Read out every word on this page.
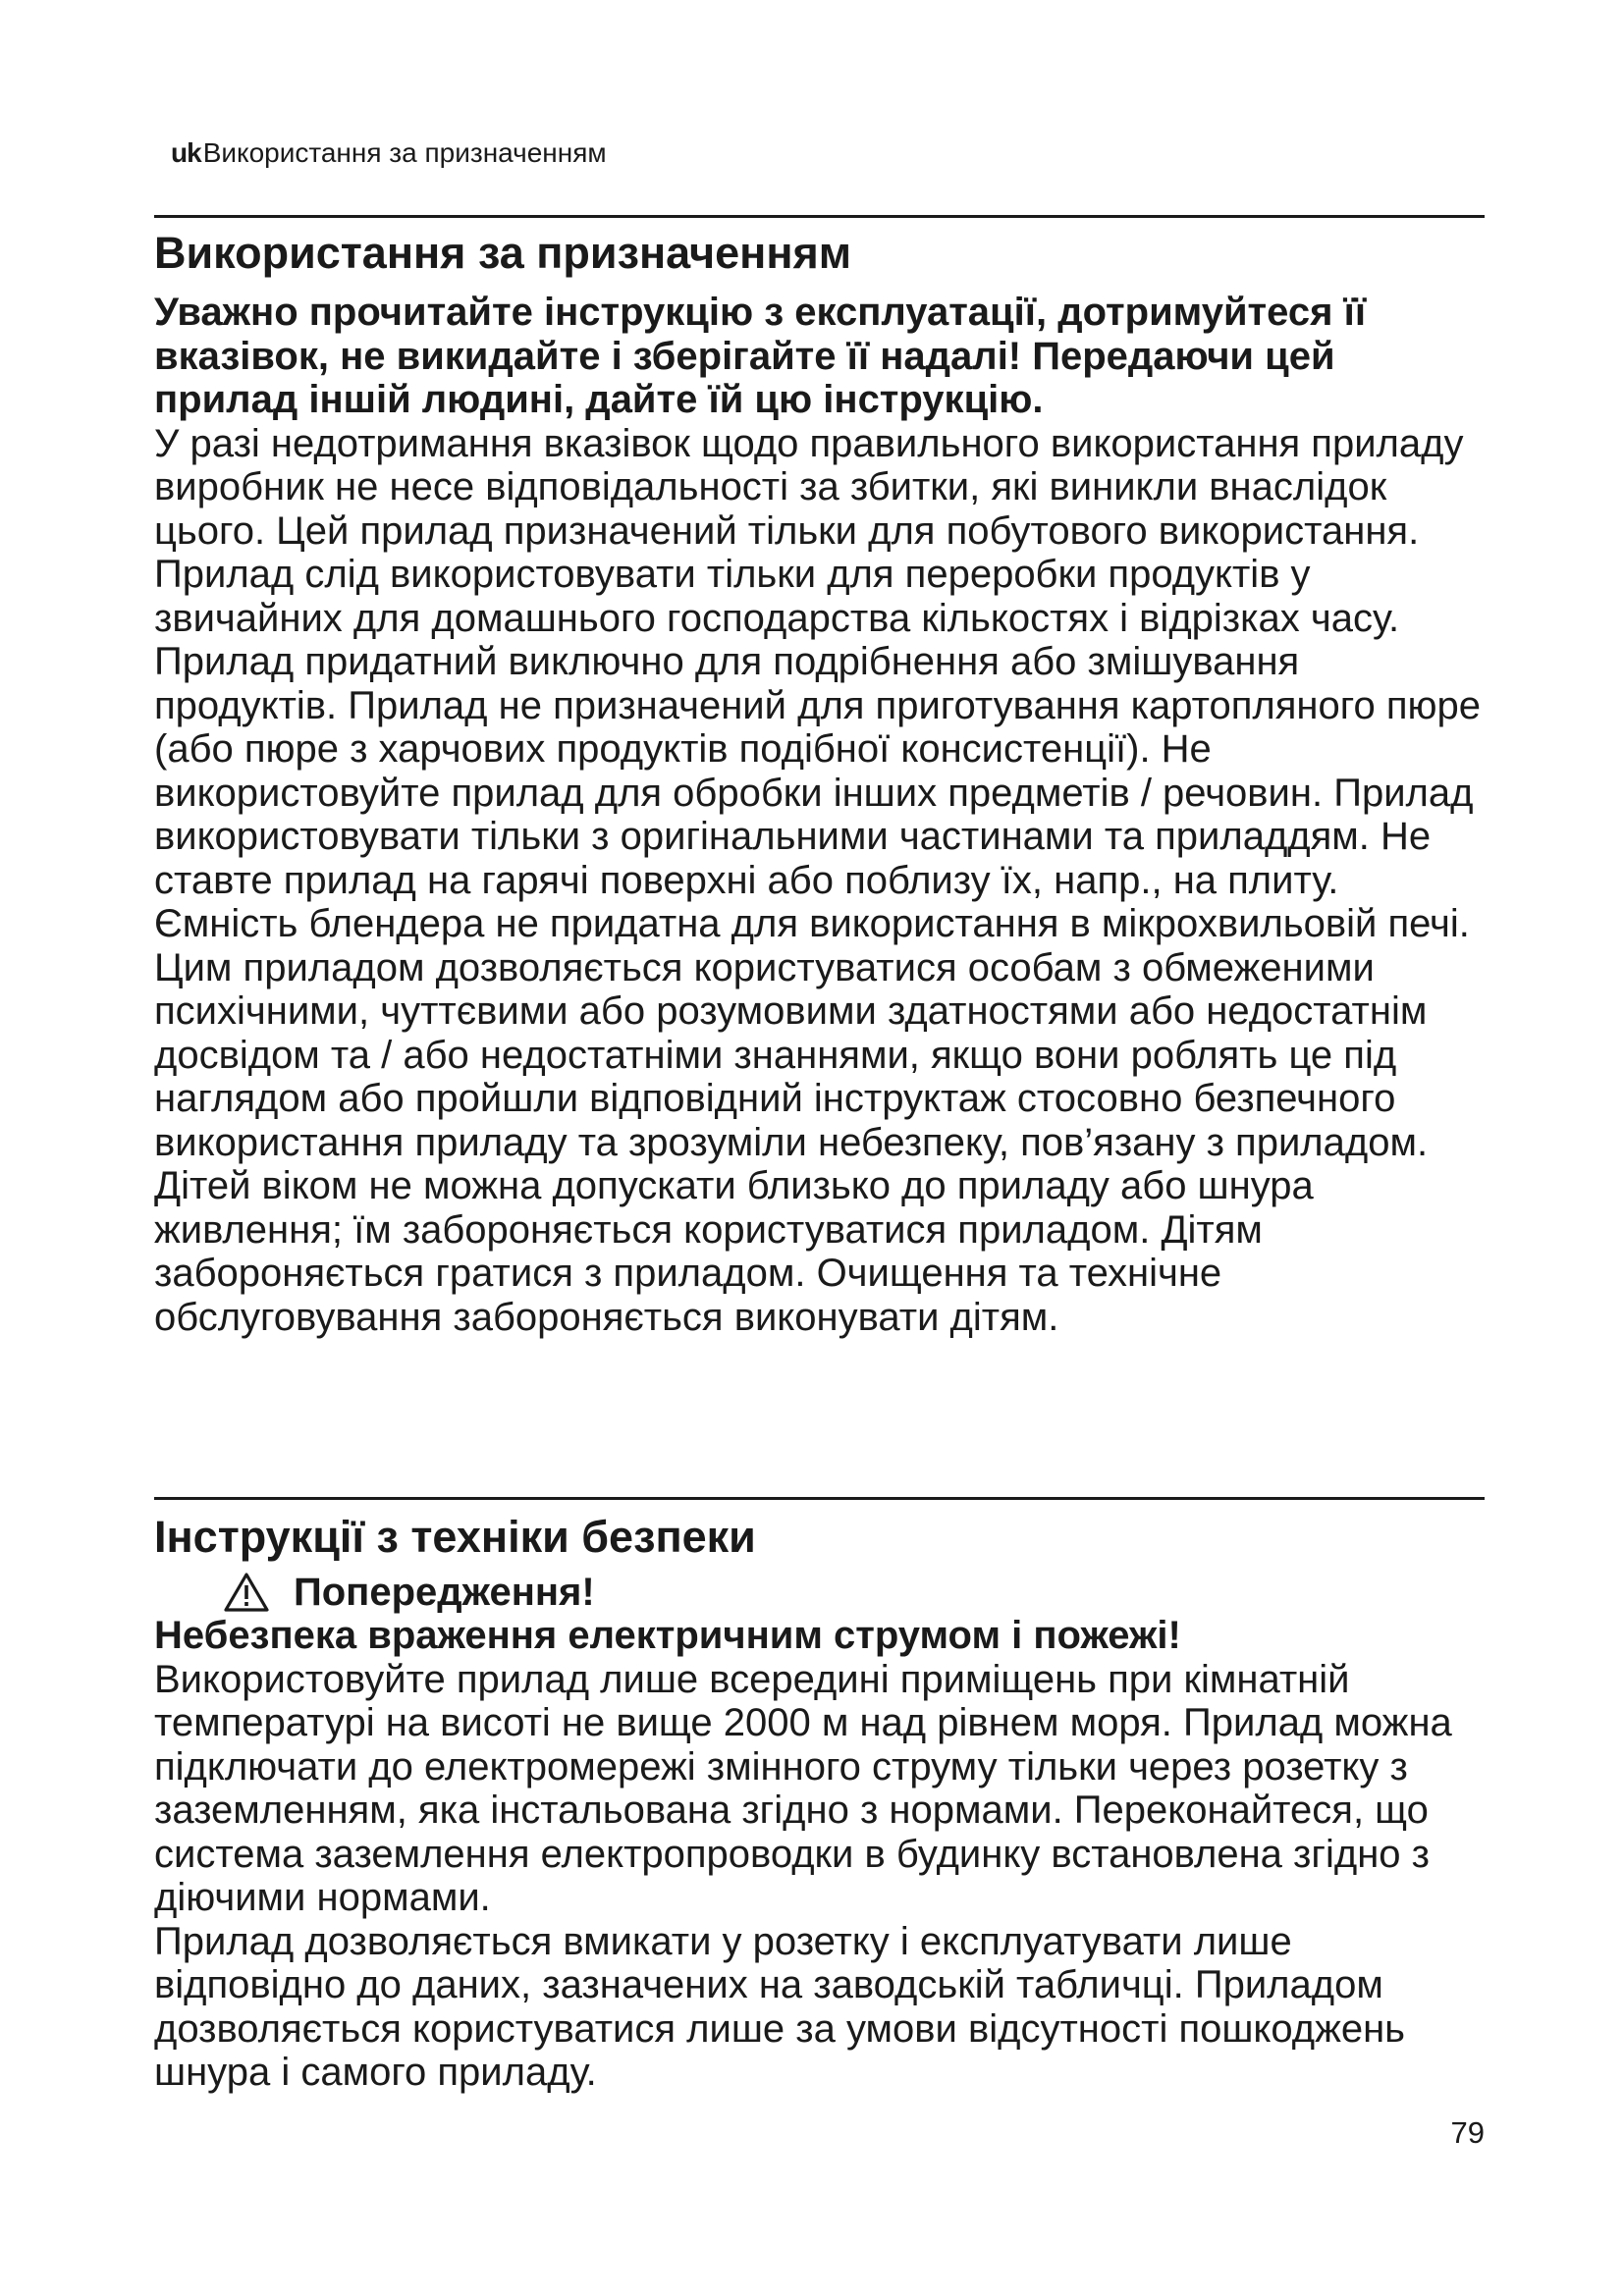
ukВикористання за призначенням
Використання за призначенням

Уважно прочитайте інструкцію з експлуатації, дотримуйтеся її вказівок, не викидайте і зберігайте її надалі! Передаючи цей прилад іншій людині, дайте їй цю інструкцію.

У разі недотримання вказівок щодо правильного використання приладу виробник не несе відповідальності за збитки, які виникли внаслідок цього. Цей прилад призначений тільки для побутового використання. Прилад слід використовувати тільки для переробки продуктів у звичайних для домашнього господарства кількостях і відрізках часу.

Прилад придатний виключно для подрібнення або змішування продуктів. Прилад не призначений для приготування картопляного пюре (або пюре з харчових продуктів подібної консистенції). Не використовуйте прилад для обробки інших предметів / речовин. Прилад використовувати тільки з оригінальними частинами та приладдям. Не ставте прилад на гарячі поверхні або поблизу їх, напр., на плиту. Ємність блендера не придатна для використання в мікрохвильовій печі. Цим приладом дозволяється користуватися особам з обмеженими психічними, чуттєвими або розумовими здатностями або недостатнім досвідом та / або недостатніми знаннями, якщо вони роблять це під наглядом або пройшли відповідний інструктаж стосовно безпечного використання приладу та зрозуміли небезпеку, пов’язану з приладом. Дітей віком не можна допускати близько до приладу або шнура живлення; їм забороняється користуватися приладом. Дітям забороняється гратися з приладом. Очищення та технічне обслуговування забороняється виконувати дітям.

Інструкції з техніки безпеки
Попередження!

Небезпека враження електричним струмом і пожежі!

Використовуйте прилад лише всередині приміщень при кімнатній температурі на висоті не вище 2000 м над рівнем моря. Прилад можна підключати до електромережі змінного струму тільки через розетку з заземленням, яка інстальована згідно з нормами. Переконайтеся, що система заземлення електропроводки в будинку встановлена згідно з діючими нормами.

Прилад дозволяється вмикати у розетку і експлуатувати лише відповідно до даних, зазначених на заводській табличці. Приладом дозволяється користуватися лише за умови відсутності пошкоджень шнура і самого приладу.

79
